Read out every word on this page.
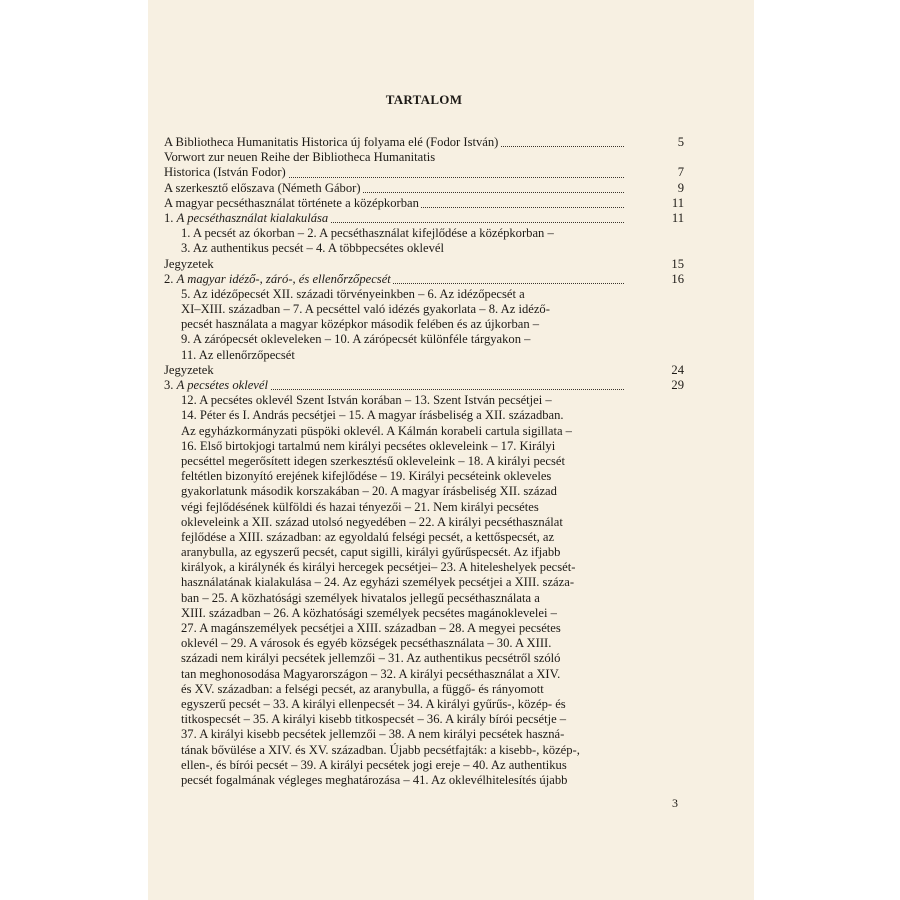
TARTALOM
A Bibliotheca Humanitatis Historica új folyama elé (Fodor István)	5
Vorwort zur neuen Reihe der Bibliotheca Humanitatis
Historica (István Fodor)	7
A szerkesztő előszava (Németh Gábor)	9
A magyar pecséthasználat története a középkorban	11
1. A pecséthasználat kialakulása	11
1. A pecsét az ókorban – 2. A pecséthasználat kifejlődése a középkorban –
3. Az authentikus pecsét – 4. A többpecsétes oklevél
Jegyzetek	15
2. A magyar idéző-, záró-, és ellenőrzőpecsét	16
5. Az idézőpecsét XII. századi törvényeinkben – 6. Az idézőpecsét a
XI–XIII. században – 7. A pecséttel való idézés gyakorlata – 8. Az idéző-
pecsét használata a magyar középkor második felében és az újkorban –
9. A zárópecsét okleveleken – 10. A zárópecsét különféle tárgyakon –
11. Az ellenőrzőpecsét
Jegyzetek	24
3. A pecsétes oklevél	29
12. A pecsétes oklevél Szent István korában – 13. Szent István pecsétjei –
14. Péter és I. András pecsétjei – 15. A magyar írásbeliség a XII. században.
Az egyházkormányzati püspöki oklevél. A Kálmán korabeli cartula sigillata –
16. Első birtokjogi tartalmú nem királyi pecsétes okleveleink – 17. Királyi
pecséttel megerősített idegen szerkesztésű okleveleink – 18. A királyi pecsét
feltétlen bizonyító erejének kifejlődése – 19. Királyi pecsétеink okleveles
gyakorlatunk második korszakában – 20. A magyar írásbeliség XII. század
végi fejlődésének külföldi és hazai tényezői – 21. Nem királyi pecsétes
okleveleink a XII. század utolsó negyedében – 22. A királyi pecséthasználat
fejlődése a XIII. században: az egyoldalú felségi pecsét, a kettőspecsét, az
aranybulla, az egyszerű pecsét, caput sigilli, királyi gyűrűspecsét. Az ifjabb
királyok, a királynék és királyi hercegek pecsétjei– 23. A hiteleshelyek pecsét-
használatának kialakulása – 24. Az egyházi személyek pecsétjei a XIII. száza-
ban – 25. A közhatósági személyek hivatalos jellegű pecséthasználata a
XIII. században – 26. A közhatósági személyek pecsétes magánoklevelei –
27. A magánszemélyek pecsétjei a XIII. században – 28. A megyei pecsétes
oklevél – 29. A városok és egyéb községek pecséthasználata – 30. A XIII.
századi nem királyi pecsétek jellemzői – 31. Az authentikus pecsétről szóló
tan meghonosodása Magyarországon – 32. A királyi pecséthasználat a XIV.
és XV. században: a felségi pecsét, az aranybulla, a függő- és rányomott
egyszerű pecsét – 33. A királyi ellenpecsét – 34. A királyi gyűrűs-, közép- és
titkospecsét – 35. A királyi kisebb titkospecsét – 36. A király bírói pecsétje –
37. A királyi kisebb pecsétek jellemzői – 38. A nem királyi pecsétek haszná-
tának bővülése a XIV. és XV. században. Újabb pecsétfajták: a kisebb-, közép-,
ellen-, és bírói pecsét – 39. A királyi pecsétek jogi ereje – 40. Az authentikus
pecsét fogalmának végleges meghatározása – 41. Az oklevélhitelesítés újabb
3
